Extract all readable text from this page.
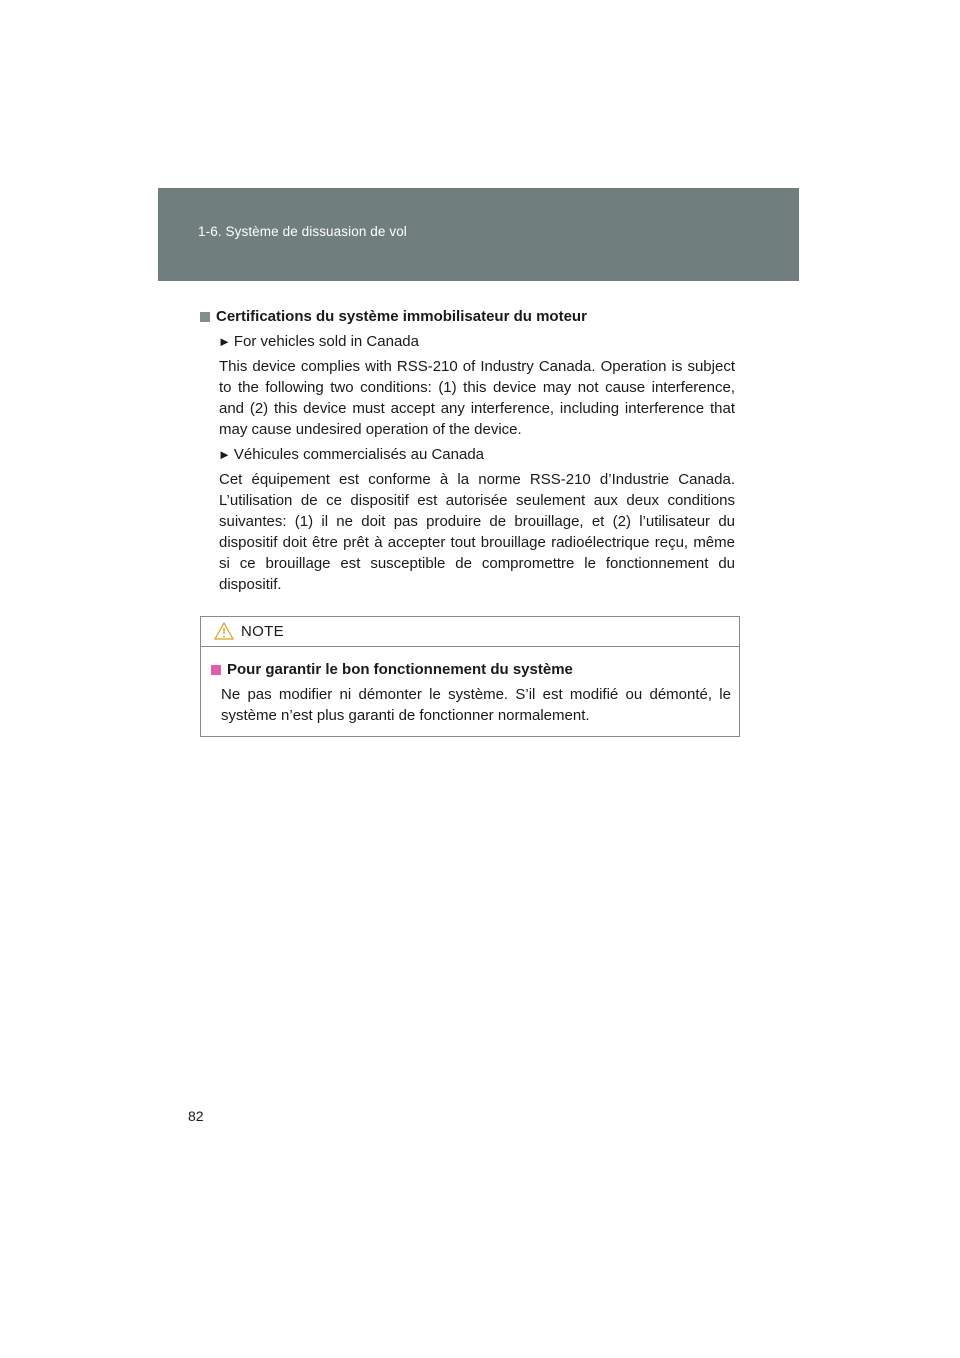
1-6. Système de dissuasion de vol
Certifications du système immobilisateur du moteur
► For vehicles sold in Canada
This device complies with RSS-210 of Industry Canada. Operation is subject to the following two conditions: (1) this device may not cause interference, and (2) this device must accept any interference, including interference that may cause undesired operation of the device.
► Véhicules commercialisés au Canada
Cet équipement est conforme à la norme RSS-210 d’Industrie Canada. L’utilisation de ce dispositif est autorisée seulement aux deux conditions suivantes: (1) il ne doit pas produire de brouillage, et (2) l’utilisateur du dispositif doit être prêt à accepter tout brouillage radioélectrique reçu, même si ce brouillage est susceptible de compromettre le fonctionnement du dispositif.
NOTE
Pour garantir le bon fonctionnement du système
Ne pas modifier ni démonter le système. S’il est modifié ou démonté, le système n’est plus garanti de fonctionner normalement.
82
